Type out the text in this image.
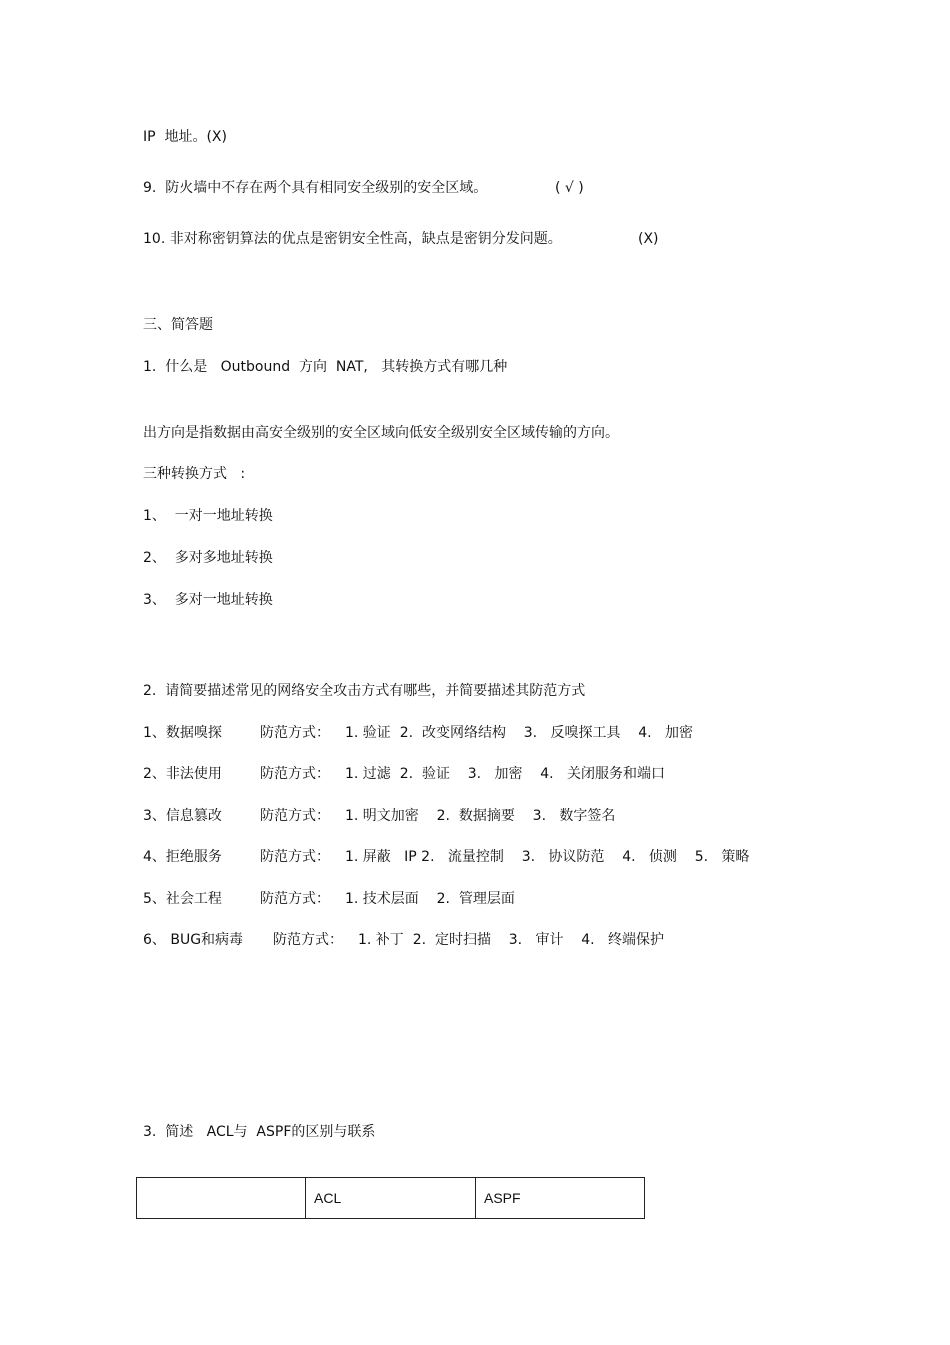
IP  地址。(X)
9.  防火墙中不存在两个具有相同安全级别的安全区域。	( √ )
10. 非对称密钥算法的优点是密钥安全性高，缺点是密钥分发问题。	(X)
三、简答题
1.  什么是   Outbound  方向  NAT,   其转换方式有哪几种
出方向是指数据由高安全级别的安全区域向低安全级别安全区域传输的方向。
三种转换方式   :
1、  一对一地址转换
2、  多对多地址转换
3、  多对一地址转换
2.  请简要描述常见的网络安全攻击方式有哪些，并简要描述其防范方式
1、数据嗅探	防范方式： 1. 验证  2.  改变网络结构    3.   反嗅探工具    4.   加密
2、非法使用	防范方式： 1. 过滤  2.  验证    3.   加密    4.   关闭服务和端口
3、信息篡改	防范方式： 1. 明文加密    2.  数据摘要    3.   数字签名
4、拒绝服务	防范方式： 1. 屏蔽   IP 2.   流量控制    3.   协议防范    4.   侦测    5.   策略
5、社会工程	防范方式： 1. 技术层面    2.  管理层面
6、 BUG和病毒 防范方式： 1. 补丁  2.  定时扫描    3.   审计    4.   终端保护
3.  简述   ACL与  ASPF的区别与联系
	ACL	ASPF
